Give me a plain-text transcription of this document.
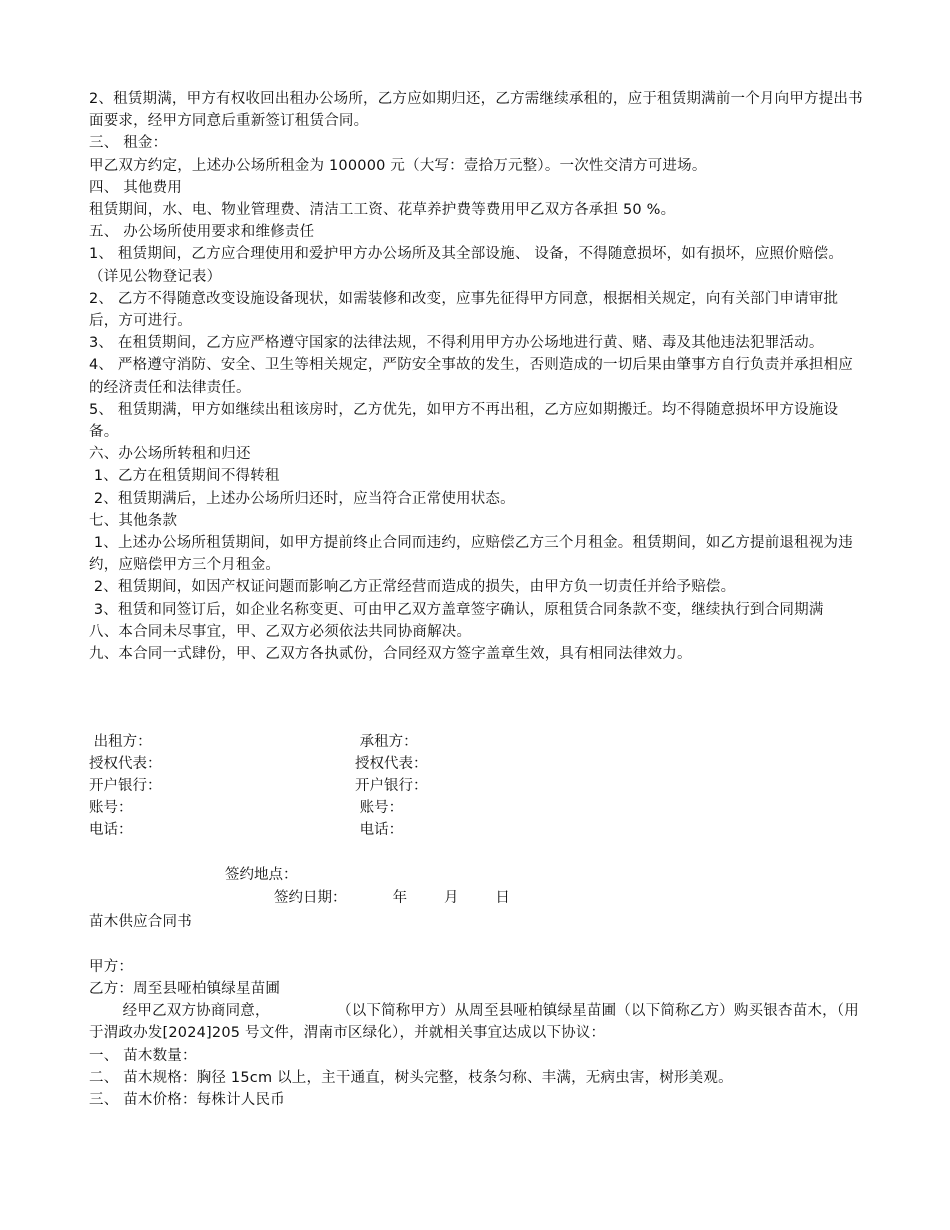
2、租赁期满，甲方有权收回出租办公场所，乙方应如期归还，乙方需继续承租的，应于租赁期满前一个月向甲方提出书面要求，经甲方同意后重新签订租赁合同。

三、 租金：

甲乙双方约定，上述办公场所租金为 100000 元（大写：壹拾万元整）。一次性交清方可进场。

四、 其他费用

租赁期间，水、电、物业管理费、清洁工工资、花草养护费等费用甲乙双方各承担 50 %。

五、 办公场所使用要求和维修责任

1、 租赁期间，乙方应合理使用和爱护甲方办公场所及其全部设施、 设备，不得随意损坏，如有损坏，应照价赔偿。（详见公物登记表）

2、 乙方不得随意改变设施设备现状，如需装修和改变，应事先征得甲方同意，根据相关规定，向有关部门申请审批后，方可进行。

3、 在租赁期间，乙方应严格遵守国家的法律法规，不得利用甲方办公场地进行黄、赌、毒及其他违法犯罪活动。

4、 严格遵守消防、安全、卫生等相关规定，严防安全事故的发生，否则造成的一切后果由肇事方自行负责并承担相应的经济责任和法律责任。

5、 租赁期满，甲方如继续出租该房时，乙方优先，如甲方不再出租，乙方应如期搬迁。均不得随意损坏甲方设施设备。

六、办公场所转租和归还

1、乙方在租赁期间不得转租

2、租赁期满后，上述办公场所归还时，应当符合正常使用状态。

七、其他条款

1、上述办公场所租赁期间，如甲方提前终止合同而违约，应赔偿乙方三个月租金。租赁期间，如乙方提前退租视为违约，应赔偿甲方三个月租金。

2、租赁期间，如因产权证问题而影响乙方正常经营而造成的损失，由甲方负一切责任并给予赔偿。

3、租赁和同签订后，如企业名称变更、可由甲乙双方盖章签字确认，原租赁合同条款不变，继续执行到合同期满

八、本合同未尽事宜，甲、乙双方必须依法共同协商解决。

九、本合同一式肆份，甲、乙双方各执贰份，合同经双方签字盖章生效，具有相同法律效力。

出租方：
授权代表：
开户银行：
账号：
电话：
承租方：
授权代表：
开户银行：
账号：
电话：
签约地点：
签约日期：          年        月        日

苗木供应合同书

甲方：

乙方：周至县哑柏镇绿星苗圃

经甲乙双方协商同意，              （以下简称甲方）从周至县哑柏镇绿星苗圃（以下简称乙方）购买银杏苗木，（用于渭政办发[2024]205 号文件，渭南市区绿化），并就相关事宜达成以下协议：

一、 苗木数量：

二、 苗木规格：胸径 15cm 以上，主干通直，树头完整，枝条匀称、丰满，无病虫害，树形美观。

三、 苗木价格：每株计人民币
